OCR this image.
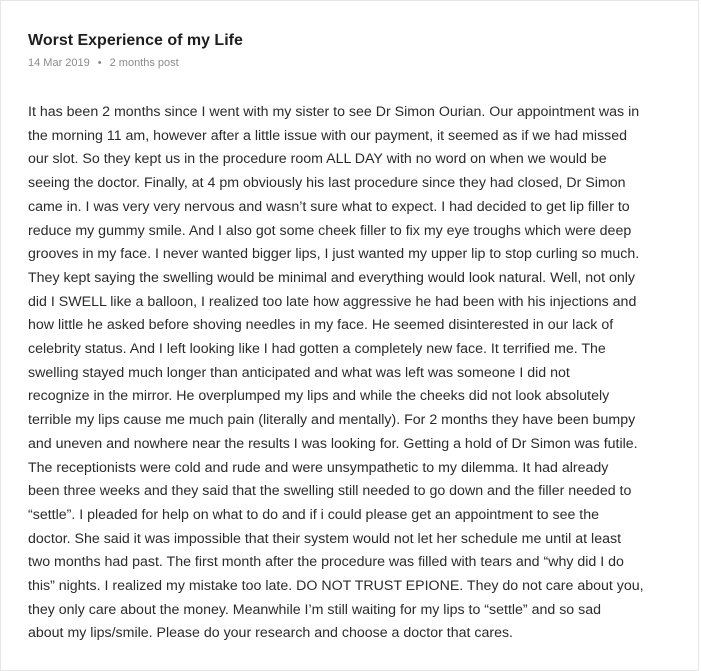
Worst Experience of my Life
14 Mar 2019 • 2 months post

It has been 2 months since I went with my sister to see Dr Simon Ourian. Our appointment was in
the morning 11 am, however after a little issue with our payment, it seemed as if we had missed
our slot. So they kept us in the procedure room ALL DAY with no word on when we would be
seeing the doctor. Finally, at 4 pm obviously his last procedure since they had closed, Dr Simon
came in. I was very very nervous and wasn’t sure what to expect. I had decided to get lip filler to
reduce my gummy smile. And I also got some cheek filler to fix my eye troughs which were deep
grooves in my face. I never wanted bigger lips, I just wanted my upper lip to stop curling so much.
They kept saying the swelling would be minimal and everything would look natural. Well, not only
did I SWELL like a balloon, I realized too late how aggressive he had been with his injections and
how little he asked before shoving needles in my face. He seemed disinterested in our lack of
celebrity status. And I left looking like I had gotten a completely new face. It terrified me. The
swelling stayed much longer than anticipated and what was left was someone I did not
recognize in the mirror. He overplumped my lips and while the cheeks did not look absolutely
terrible my lips cause me much pain (literally and mentally). For 2 months they have been bumpy
and uneven and nowhere near the results I was looking for. Getting a hold of Dr Simon was futile.
The receptionists were cold and rude and were unsympathetic to my dilemma. It had already
been three weeks and they said that the swelling still needed to go down and the filler needed to
“settle”. I pleaded for help on what to do and if i could please get an appointment to see the
doctor. She said it was impossible that their system would not let her schedule me until at least
two months had past. The first month after the procedure was filled with tears and “why did I do
this” nights. I realized my mistake too late. DO NOT TRUST EPIONE. They do not care about you,
they only care about the money. Meanwhile I’m still waiting for my lips to “settle” and so sad
about my lips/smile. Please do your research and choose a doctor that cares.
